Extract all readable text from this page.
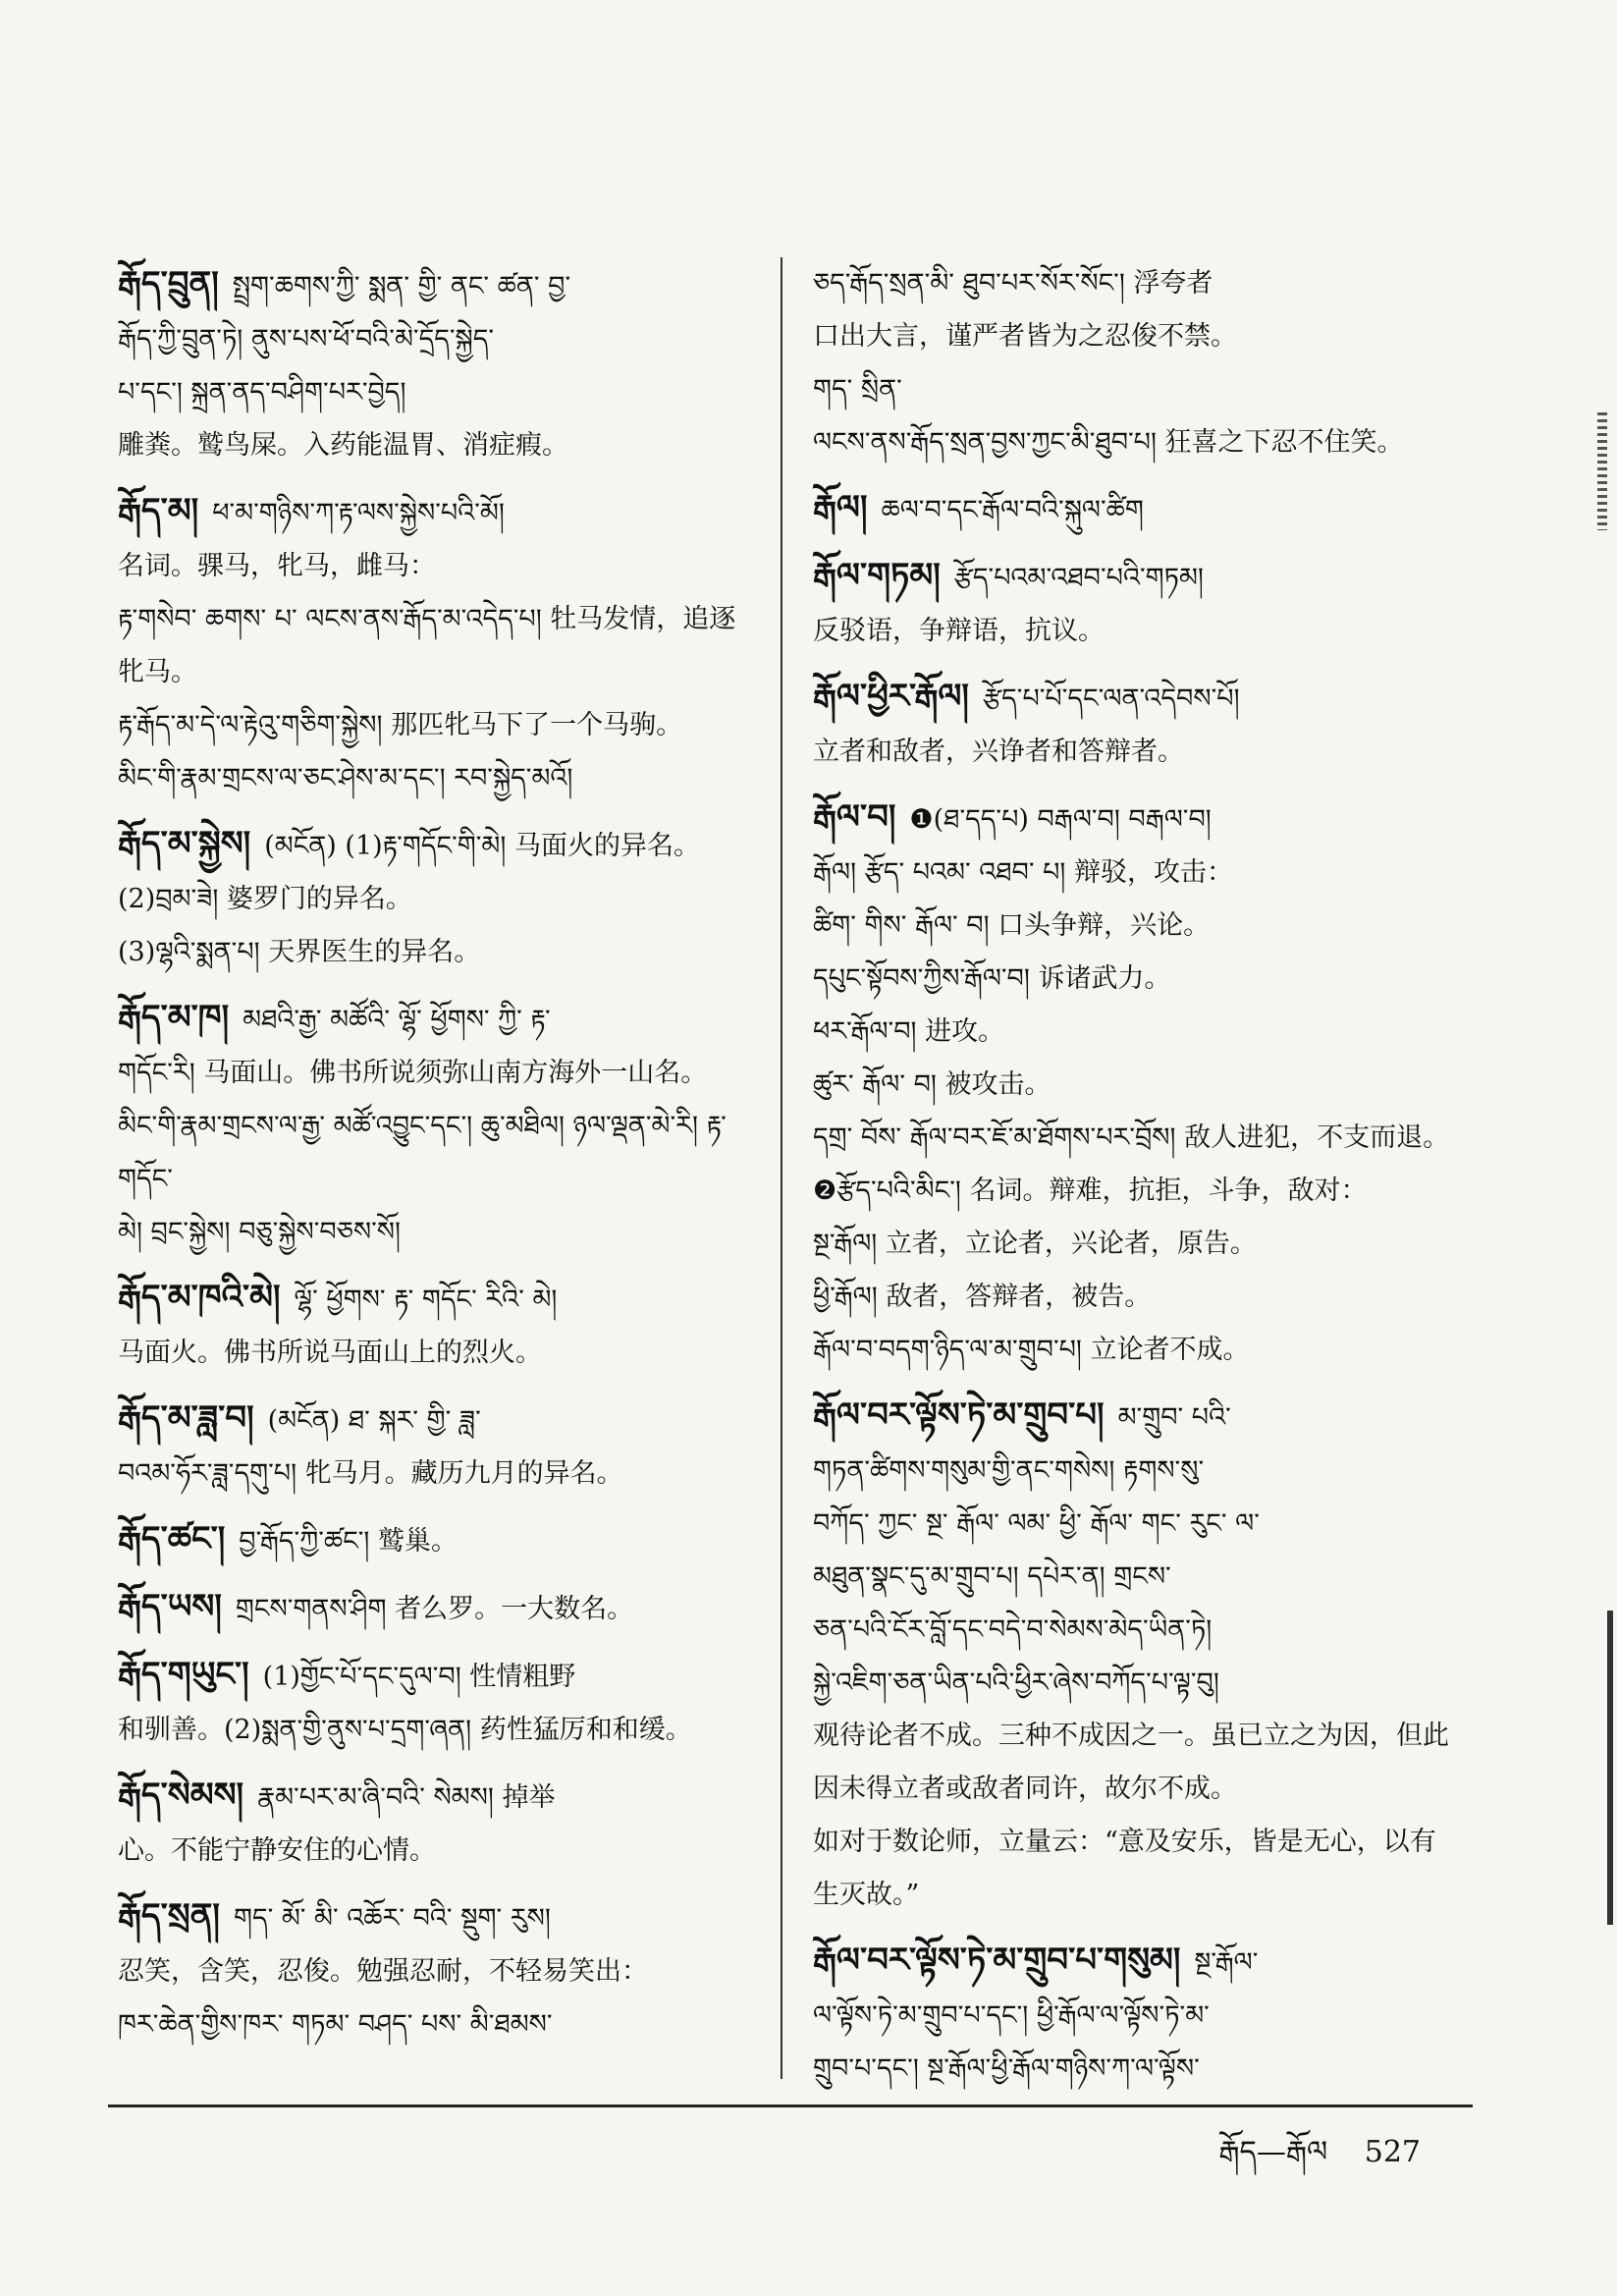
རྒོད་བྲུན། སྤྲག་ཆགས་ཀྱི་ སྨན་ གྱི་ ནང་ ཚན་ བྱ་

རྒོད་ཀྱི་བྲུན་ཏེ། ནུས་པས་ཕོ་བའི་མེ་དྲོད་སྐྱེད་

པ་དང་། སྐྲན་ནད་བཤིག་པར་བྱེད།

雕粪。鹫鸟屎。入药能温胃、消症瘕。

རྒོད་མ། ཕ་མ་གཉིས་ཀ་རྟ་ལས་སྐྱེས་པའི་མོ།

名词。骒马，牝马，雌马：

རྟ་གསེབ་ ཆགས་ པ་ ལངས་ནས་རྒོད་མ་འདེད་པ། 牡马发情，追逐牝马。

རྟ་རྒོད་མ་དེ་ལ་རྟེའུ་གཅིག་སྐྱེས། 那匹牝马下了一个马驹。

མིང་གི་རྣམ་གྲངས་ལ་ཅང་ཤེས་མ་དང་། རབ་སྐྱེད་མའོ།

རྒོད་མ་སྐྱེས། (མངོན) (1)རྟ་གདོང་གི་མེ། 马面火的异名。

(2)བྲམ་ཟེ། 婆罗门的异名。

(3)ལྷའི་སྨན་པ། 天界医生的异名。

རྒོད་མ་ཁ། མཐའི་རྒྱ་ མཚོའི་ ལྷོ་ ཕྱོགས་ ཀྱི་ རྟ་

གདོང་རི། 马面山。佛书所说须弥山南方海外一山名。

མིང་གི་རྣམ་གྲངས་ལ་རྒྱ་ མཚོ་འབྱུང་དང་། ཆུ་མཐིལ། ཉལ་ལྡན་མེ་རི། རྟ་གདོང་

མེ། བྲང་སྐྱེས། བཅུ་སྐྱེས་བཅས་སོ།

རྒོད་མ་ཁའི་མེ། ལྷོ་ ཕྱོགས་ རྟ་ གདོང་ རིའི་ མེ།

马面火。佛书所说马面山上的烈火。

རྒོད་མ་ཟླ་བ། (མངོན) ཐ་ སྐར་ གྱི་ ཟླ་

བའམ་ཧོར་ཟླ་དགུ་པ། 牝马月。藏历九月的异名。

རྒོད་ཚང་། བྱ་རྒོད་ཀྱི་ཚང་། 鹫巢。

རྒོད་ཡས། གྲངས་གནས་ཤིག 者么罗。一大数名。

རྒོད་གཡུང་། (1)གྱོང་པོ་དང་དུལ་བ། 性情粗野

和驯善。(2)སྨན་གྱི་ནུས་པ་དྲག་ཞན། 药性猛厉和和缓。

རྒོད་སེམས། རྣམ་པར་མ་ཞི་བའི་ སེམས། 掉举

心。不能宁静安住的心情。

རྒོད་སྲན། གད་ མོ་ མི་ འཆོར་ བའི་ སྡུག་ རུས།

忍笑，含笑，忍俊。勉强忍耐，不轻易笑出：

ཁར་ཆེན་གྱིས་ཁར་ གཏམ་ བཤད་ པས་ མི་ཐམས་

ཅད་རྒོད་སྲན་མི་ ཐུབ་པར་སོར་སོང་། 浮夸者

口出大言，谨严者皆为之忍俊不禁。

གད་ སྲིན་

ལངས་ནས་རྒོད་སྲན་བྱས་ཀྱང་མི་ཐུབ་པ། 狂喜之下忍不住笑。

རྒོལ། ཆལ་བ་དང་རྒོལ་བའི་སྐུལ་ཚིག

རྒོལ་གཏམ། རྩོད་པའམ་འཐབ་པའི་གཏམ།

反驳语，争辩语，抗议。

རྒོལ་ཕྱིར་རྒོལ། རྩོད་པ་པོ་དང་ལན་འདེབས་པོ།

立者和敌者，兴诤者和答辩者。

རྒོལ་བ། ❶(ཐ་དད་པ) བརྒལ་བ། བརྒལ་བ།

རྒོལ། རྩོད་ པའམ་ འཐབ་ པ། 辩驳，攻击：

ཚིག་ གིས་ རྒོལ་ བ། 口头争辩，兴论。

དཔུང་སྟོབས་ཀྱིས་རྒོལ་བ། 诉诸武力。

ཕར་རྒོལ་བ། 进攻。

ཚུར་ རྒོལ་ བ། 被攻击。

དགྲ་ བོས་ རྒོལ་བར་ཇོ་མ་ཐོགས་པར་བྲོས། 敌人进犯，不支而退。

❷རྩོད་པའི་མིང་། 名词。辩难，抗拒，斗争，敌对：

སྔ་རྒོལ། 立者，立论者，兴论者，原告。

ཕྱི་རྒོལ། 敌者，答辩者，被告。

རྒོལ་བ་བདག་ཉིད་ལ་མ་གྲུབ་པ། 立论者不成。

རྒོལ་བར་ལྟོས་ཏེ་མ་གྲུབ་པ། མ་གྲུབ་ པའི་

གཏན་ཚིགས་གསུམ་གྱི་ནང་གསེས། རྟགས་སུ་

བཀོད་ ཀྱང་ སྔ་ རྒོལ་ ལམ་ ཕྱི་ རྒོལ་ གང་ རུང་ ལ་

མཐུན་སྣང་དུ་མ་གྲུབ་པ། དཔེར་ན། གྲངས་

ཅན་པའི་ངོར་བློ་དང་བདེ་བ་སེམས་མེད་ཡིན་ཏེ།

སྐྱེ་འཇིག་ཅན་ཡིན་པའི་ཕྱིར་ཞེས་བཀོད་པ་ལྟ་བུ།

观待论者不成。三种不成因之一。虽已立之为因，但此因未得立者或敌者同许，故尔不成。

如对于数论师，立量云：“意及安乐，皆是无心，以有生灭故。”

རྒོལ་བར་ལྟོས་ཏེ་མ་གྲུབ་པ་གསུམ། སྔ་རྒོལ་

ལ་ལྟོས་ཏེ་མ་གྲུབ་པ་དང་། ཕྱི་རྒོལ་ལ་ལྟོས་ཏེ་མ་

གྲུབ་པ་དང་། སྔ་རྒོལ་ཕྱི་རྒོལ་གཉིས་ཀ་ལ་ལྟོས་

རྒོད—རྒོལ 527
